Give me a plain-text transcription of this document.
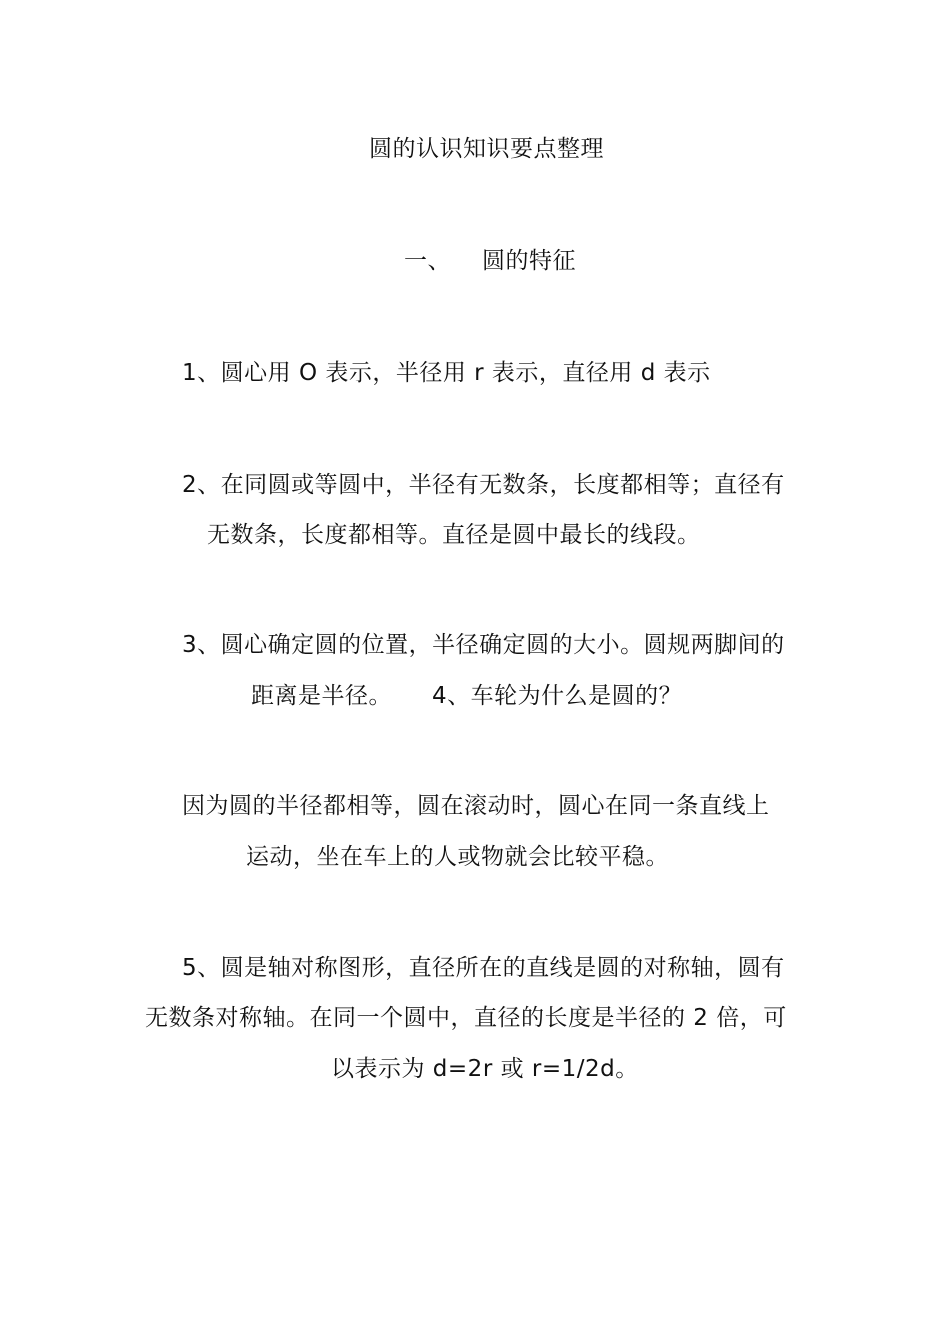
圆的认识知识要点整理
一、 圆的特征
1、圆心用 O 表示，半径用 r 表示，直径用 d 表示
2、在同圆或等圆中，半径有无数条，长度都相等；直径有
无数条，长度都相等。直径是圆中最长的线段。
3、圆心确定圆的位置，半径确定圆的大小。圆规两脚间的
距离是半径。 4、车轮为什么是圆的？
因为圆的半径都相等，圆在滚动时，圆心在同一条直线上
运动，坐在车上的人或物就会比较平稳。
5、圆是轴对称图形，直径所在的直线是圆的对称轴，圆有
无数条对称轴。在同一个圆中，直径的长度是半径的 2 倍，可
以表示为 d=2r 或 r=1/2d。
